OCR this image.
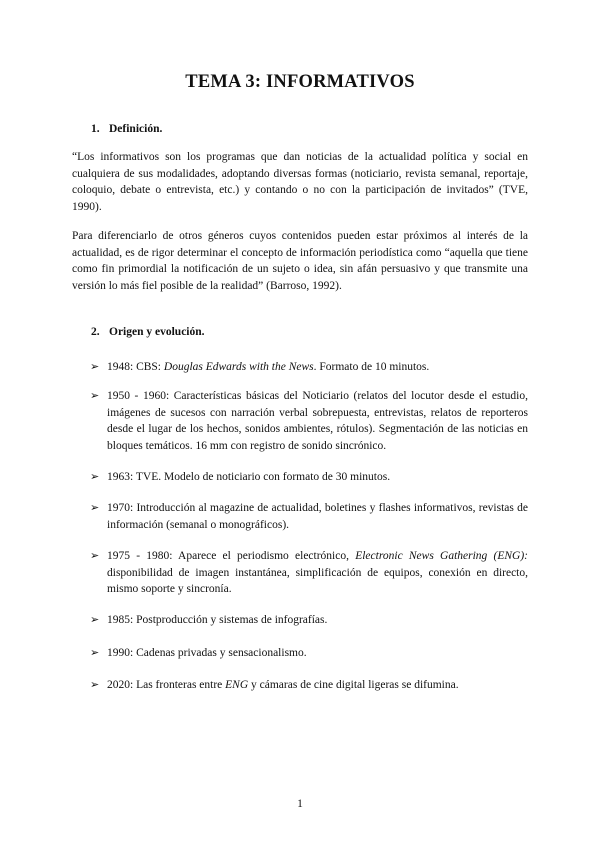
TEMA 3: INFORMATIVOS
1. Definición.
“Los informativos son los programas que dan noticias de la actualidad política y social en cualquiera de sus modalidades, adoptando diversas formas (noticiario, revista semanal, reportaje, coloquio, debate o entrevista, etc.) y contando o no con la participación de invitados” (TVE, 1990).
Para diferenciarlo de otros géneros cuyos contenidos pueden estar próximos al interés de la actualidad, es de rigor determinar el concepto de información periodística como “aquella que tiene como fin primordial la notificación de un sujeto o idea, sin afán persuasivo y que transmite una versión lo más fiel posible de la realidad” (Barroso, 1992).
2. Origen y evolución.
➢ 1948: CBS: Douglas Edwards with the News. Formato de 10 minutos.
➢ 1950 - 1960: Características básicas del Noticiario (relatos del locutor desde el estudio, imágenes de sucesos con narración verbal sobrepuesta, entrevistas, relatos de reporteros desde el lugar de los hechos, sonidos ambientes, rótulos). Segmentación de las noticias en bloques temáticos. 16 mm con registro de sonido sincrónico.
➢ 1963: TVE. Modelo de noticiario con formato de 30 minutos.
➢ 1970: Introducción al magazine de actualidad, boletines y flashes informativos, revistas de información (semanal o monográficos).
➢ 1975 - 1980: Aparece el periodismo electrónico, Electronic News Gathering (ENG): disponibilidad de imagen instantánea, simplificación de equipos, conexión en directo, mismo soporte y sincronía.
➢ 1985: Postproducción y sistemas de infografías.
➢ 1990: Cadenas privadas y sensacionalismo.
➢ 2020: Las fronteras entre ENG y cámaras de cine digital ligeras se difumina.
1
